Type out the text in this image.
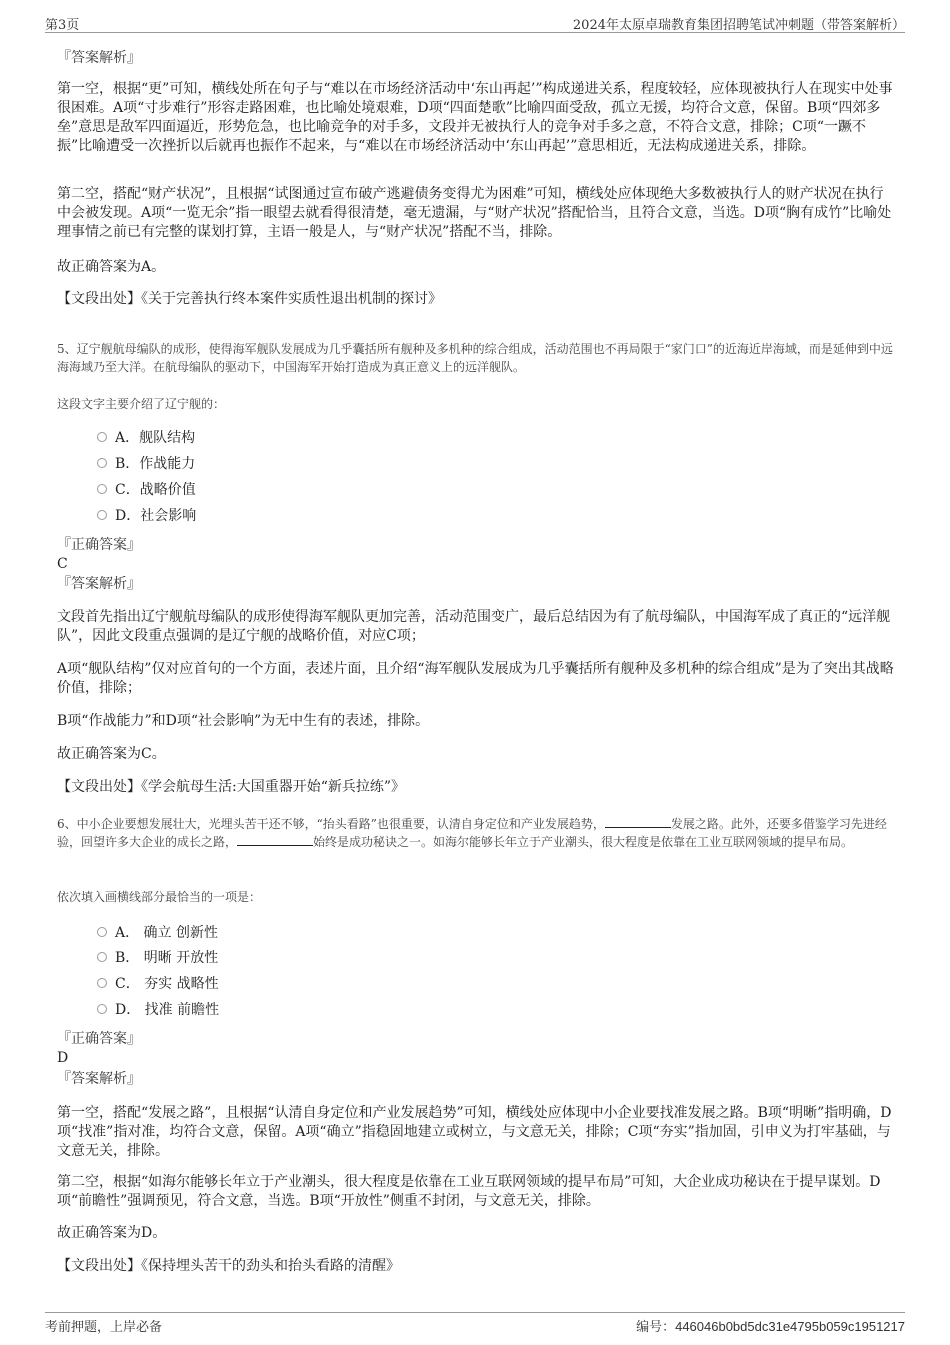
第3页	2024年太原卓瑞教育集团招聘笔试冲刺题（带答案解析）
『答案解析』
第一空，根据“更”可知，横线处所在句子与“难以在市场经济活动中‘东山再起’”构成递进关系，程度较轻，应体现被执行人在现实中处事很困难。A项“寸步难行”形容走路困难，也比喻处境艰难，D项“四面楚歌”比喻四面受敌，孤立无援，均符合文意，保留。B项“四郊多垒”意思是敌军四面逼近，形势危急，也比喻竞争的对手多，文段并无被执行人的竞争对手多之意，不符合文意，排除；C项“一蹶不振”比喻遭受一次挫折以后就再也振作不起来，与“难以在市场经济活动中‘东山再起’”意思相近，无法构成递进关系，排除。
第二空，搭配“财产状况”，且根据“试图通过宣布破产逃避债务变得尤为困难”可知，横线处应体现绝大多数被执行人的财产状况在执行中会被发现。A项“一览无余”指一眼望去就看得很清楚，毫无遗漏，与“财产状况”搭配恰当，且符合文意，当选。D项“胸有成竹”比喻处理事情之前已有完整的谋划打算，主语一般是人，与“财产状况”搭配不当，排除。
故正确答案为A。
【文段出处】《关于完善执行终本案件实质性退出机制的探讨》
5、辽宁舰航母编队的成形，使得海军舰队发展成为几乎囊括所有舰种及多机种的综合组成，活动范围也不再局限于“家门口”的近海近岸海域，而是延伸到中远海海域乃至大洋。在航母编队的驱动下，中国海军开始打造成为真正意义上的远洋舰队。
这段文字主要介绍了辽宁舰的：
A．舰队结构
B．作战能力
C．战略价值
D．社会影响
『正确答案』
C
『答案解析』
文段首先指出辽宁舰航母编队的成形使得海军舰队更加完善，活动范围变广，最后总结因为有了航母编队，中国海军成了真正的“远洋舰队”，因此文段重点强调的是辽宁舰的战略价值，对应C项；
A项“舰队结构”仅对应首句的一个方面，表述片面，且介绍“海军舰队发展成为几乎囊括所有舰种及多机种的综合组成”是为了突出其战略价值，排除；
B项“作战能力”和D项“社会影响”为无中生有的表述，排除。
故正确答案为C。
【文段出处】《学会航母生活:大国重器开始“新兵拉练”》
6、中小企业要想发展壮大，光埋头苦干还不够，“抬头看路”也很重要，认清自身定位和产业发展趋势，	发展之路。此外，还要多借鉴学习先进经验，回望许多大企业的成长之路，	始终是成功秘诀之一。如海尔能够长年立于产业潮头，很大程度是依靠在工业互联网领域的提早布局。
依次填入画横线部分最恰当的一项是：
A． 确立 创新性
B． 明晰 开放性
C． 夯实 战略性
D． 找准 前瞻性
『正确答案』
D
『答案解析』
第一空，搭配“发展之路”，且根据“认清自身定位和产业发展趋势”可知，横线处应体现中小企业要找准发展之路。B项“明晰”指明确，D项“找准”指对准，均符合文意，保留。A项“确立”指稳固地建立或树立，与文意无关，排除；C项“夯实”指加固，引申义为打牢基础，与文意无关，排除。
第二空，根据“如海尔能够长年立于产业潮头，很大程度是依靠在工业互联网领域的提早布局”可知，大企业成功秘诀在于提早谋划。D项“前瞻性”强调预见，符合文意，当选。B项“开放性”侧重不封闭，与文意无关，排除。
故正确答案为D。
【文段出处】《保持埋头苦干的劲头和抬头看路的清醒》
考前押题，上岸必备	编号：446046b0bd5dc31e4795b059c1951217
